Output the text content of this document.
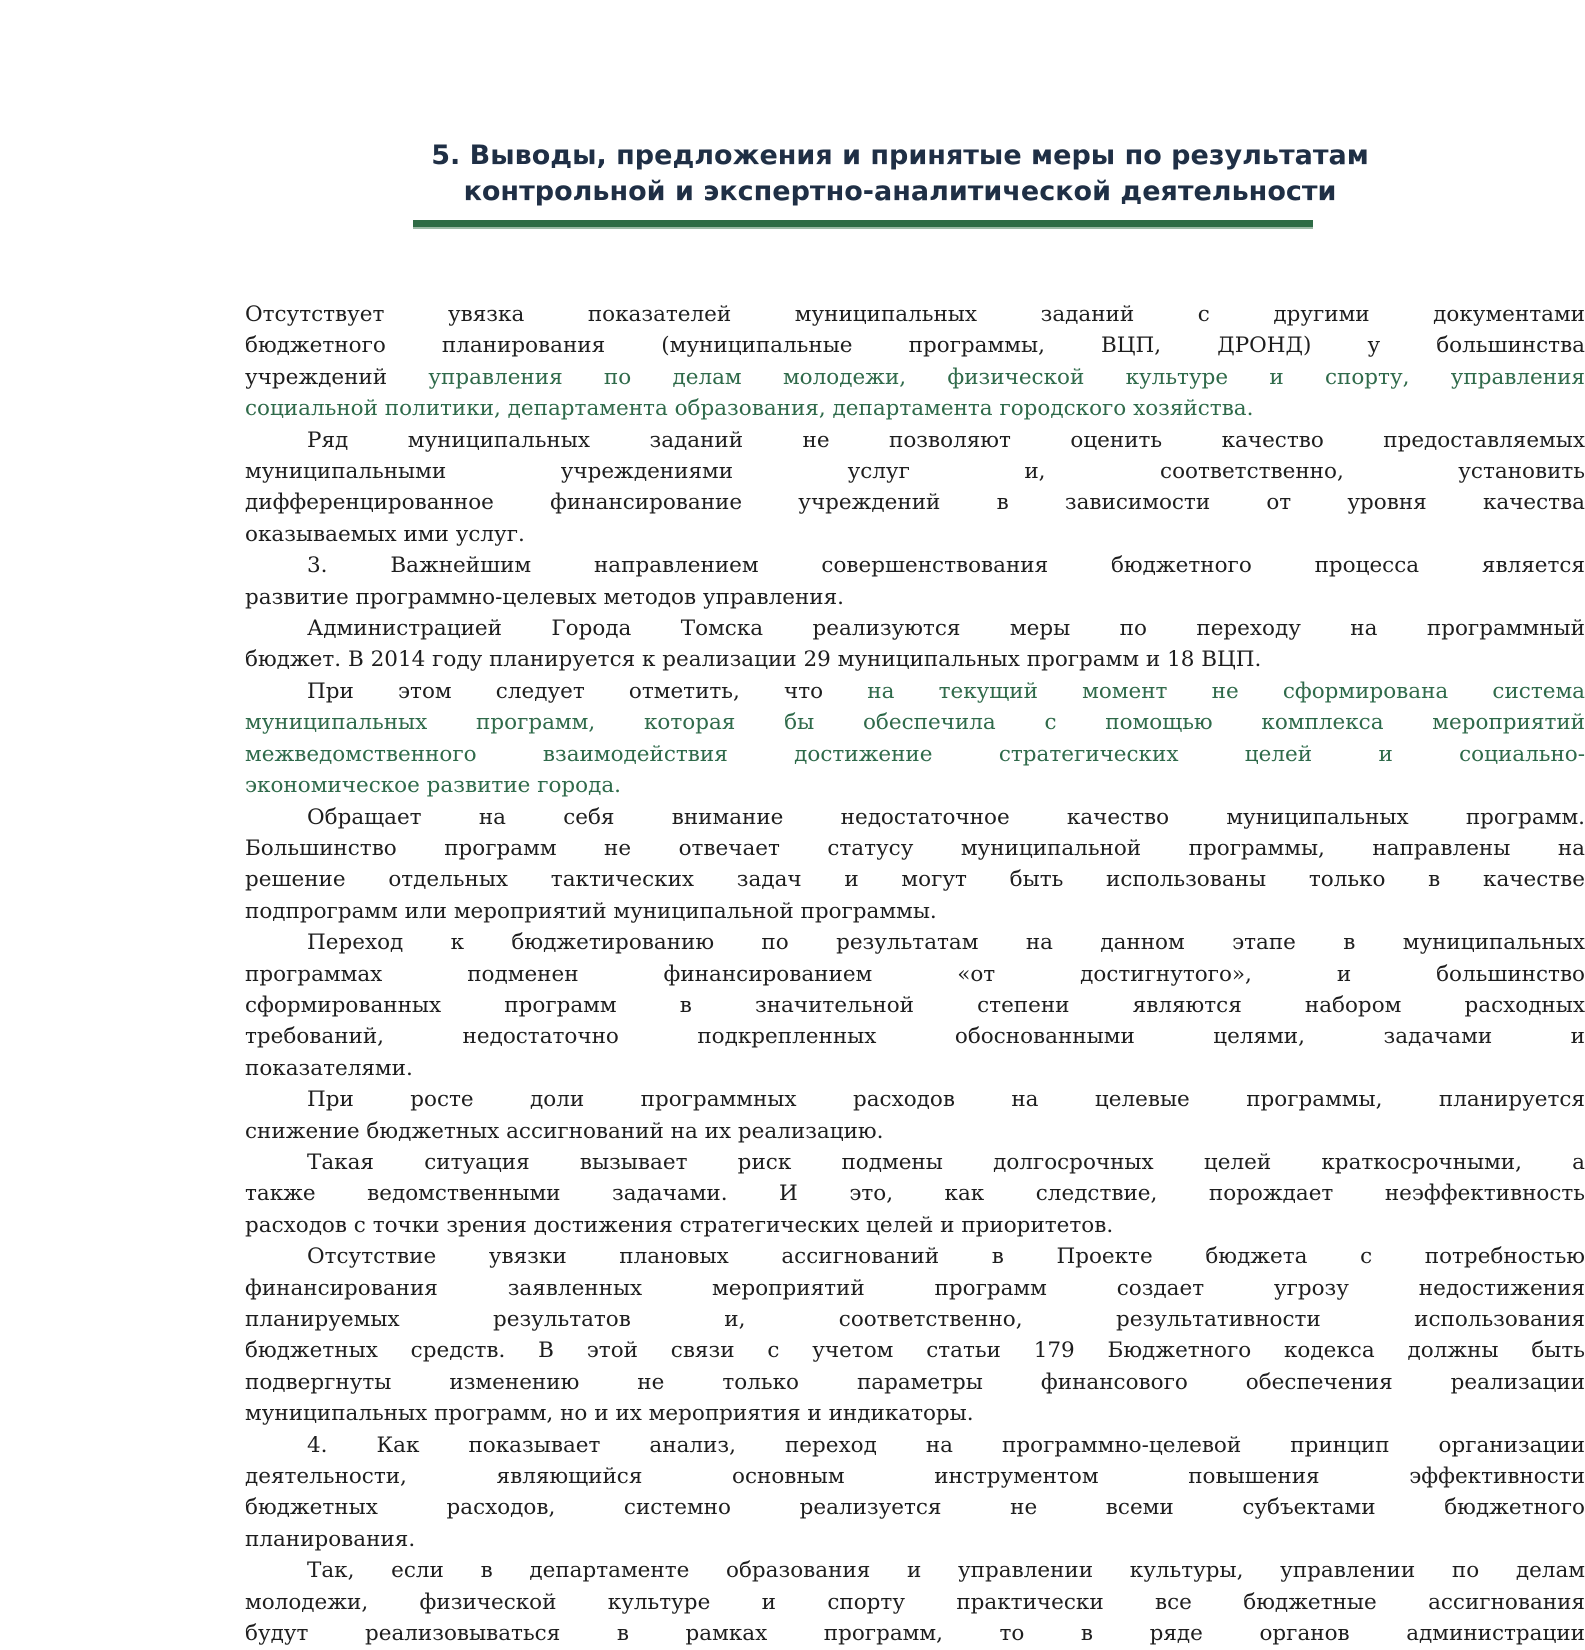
5. Выводы, предложения и принятые меры по результатам
контрольной и экспертно-аналитической деятельности
Отсутствует увязка показателей муниципальных заданий с другими документами
бюджетного планирования (муниципальные программы, ВЦП, ДРОНД) у большинства
учреждений управления по делам молодежи, физической культуре и спорту, управления
социальной политики, департамента образования, департамента городского хозяйства.
Ряд муниципальных заданий не позволяют оценить качество предоставляемых
муниципальными учреждениями услуг и, соответственно, установить
дифференцированное финансирование учреждений в зависимости от уровня качества
оказываемых ими услуг.
3. Важнейшим направлением совершенствования бюджетного процесса является
развитие программно-целевых методов управления.
Администрацией Города Томска реализуются меры по переходу на программный
бюджет. В 2014 году планируется к реализации 29 муниципальных программ и 18 ВЦП.
При этом следует отметить, что на текущий момент не сформирована система
муниципальных программ, которая бы обеспечила с помощью комплекса мероприятий
межведомственного взаимодействия достижение стратегических целей и социально-
экономическое развитие города.
Обращает на себя внимание недостаточное качество муниципальных программ.
Большинство программ не отвечает статусу муниципальной программы, направлены на
решение отдельных тактических задач и могут быть использованы только в качестве
подпрограмм или мероприятий муниципальной программы.
Переход к бюджетированию по результатам на данном этапе в муниципальных
программах подменен финансированием «от достигнутого», и большинство
сформированных программ в значительной степени являются набором расходных
требований, недостаточно подкрепленных обоснованными целями, задачами и
показателями.
При росте доли программных расходов на целевые программы, планируется
снижение бюджетных ассигнований на их реализацию.
Такая ситуация вызывает риск подмены долгосрочных целей краткосрочными, а
также ведомственными задачами. И это, как следствие, порождает неэффективность
расходов с точки зрения достижения стратегических целей и приоритетов.
Отсутствие увязки плановых ассигнований в Проекте бюджета с потребностью
финансирования заявленных мероприятий программ создает угрозу недостижения
планируемых результатов и, соответственно, результативности использования
бюджетных средств. В этой связи с учетом статьи 179 Бюджетного кодекса должны быть
подвергнуты изменению не только параметры финансового обеспечения реализации
муниципальных программ, но и их мероприятия и индикаторы.
4. Как показывает анализ, переход на программно-целевой принцип организации
деятельности, являющийся основным инструментом повышения эффективности
бюджетных расходов, системно реализуется не всеми субъектами бюджетного
планирования.
Так, если в департаменте образования и управлении культуры, управлении по делам
молодежи, физической культуре и спорту практически все бюджетные ассигнования
будут реализовываться в рамках программ, то в ряде органов администрации
